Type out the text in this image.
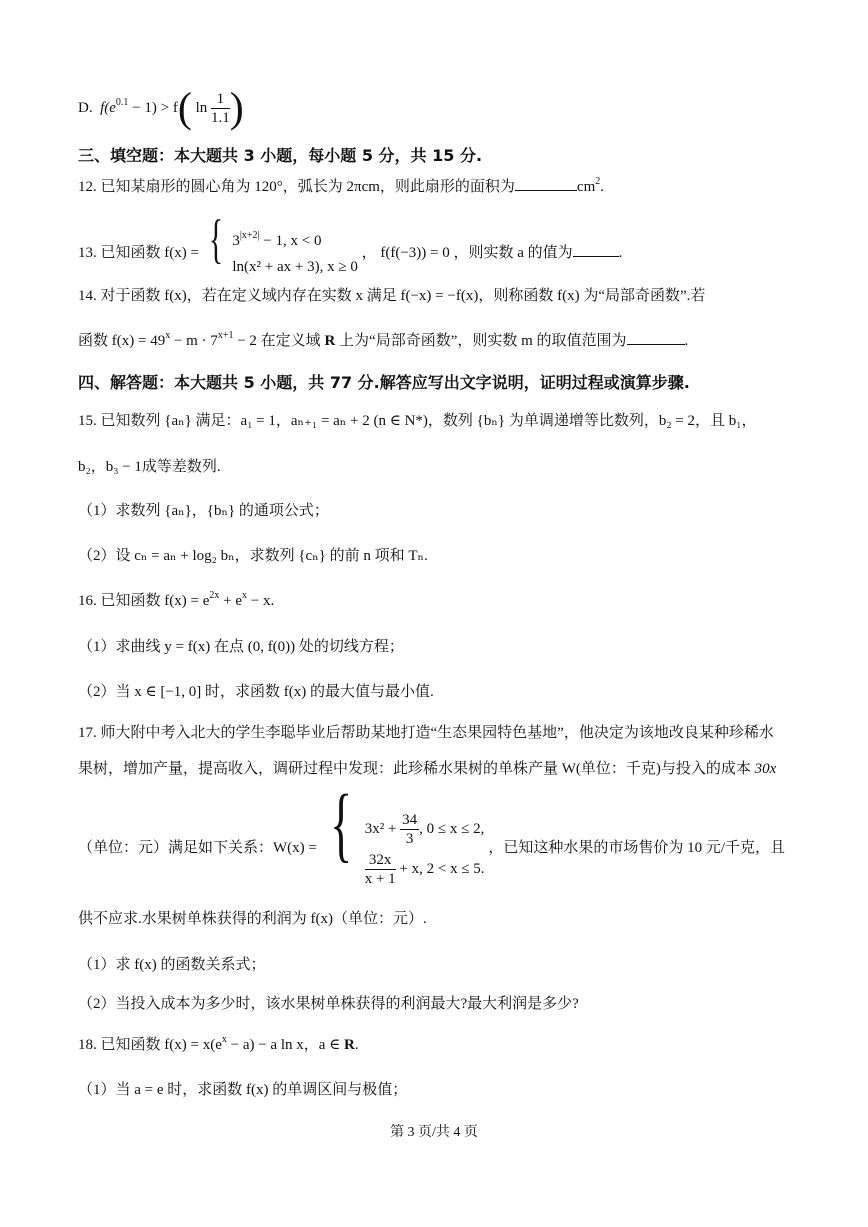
D. $f(e^{0.1} - 1) > f$( $\ln \frac{1}{1.1}$ )
三、填空题：本大题共 3 小题，每小题 5 分，共 15 分.
12. 已知某扇形的圆心角为 120°，弧长为 2πcm，则此扇形的面积为	$cm^2$.
13. 已知函数 f(x) = { $3^{|x+2|} - 1$, x < 0
ln(x² + ax + 3), x ≥ 0
， f(f(−3)) = 0 ，则实数 a 的值为	.
14. 对于函数 f(x)，若在定义域内存在实数 x 满足 f(−x) = −f(x)，则称函数 f(x) 为“局部奇函数”.若
函数 $f(x) = 49^x - m \cdot 7^{x+1} - 2$ 在定义域 R 上为“局部奇函数”，则实数 m 的取值范围为	.
四、解答题：本大题共 5 小题，共 77 分.解答应写出文字说明，证明过程或演算步骤.
15. 已知数列 {aₙ} 满足：a₁ = 1，aₙ₊₁ = aₙ + 2 (n ∈ N*)，数列 {bₙ} 为单调递增等比数列，b₂ = 2，且 b₁，
b₂，b₃ − 1成等差数列.
（1）求数列 {aₙ}，{bₙ} 的通项公式；
（2）设 cₙ = aₙ + log₂ bₙ，求数列 {cₙ} 的前 n 项和 Tₙ.
16. 已知函数 $f(x) = e^{2x} + e^x - x$.
（1）求曲线 y = f(x) 在点 (0, f(0)) 处的切线方程；
（2）当 x ∈ [−1, 0] 时，求函数 f(x) 的最大值与最小值.
17. 师大附中考入北大的学生李聪毕业后帮助某地打造“生态果园特色基地”，他决定为该地改良某种珍稀水
果树，增加产量，提高收入，调研过程中发现：此珍稀水果树的单株产量 W(单位：千克)与投入的成本 30x
（单位：元）满足如下关系：W(x) = { $3x^2 + \frac{34}{3}$ , 0 ≤ x ≤ 2,
$\frac{32x}{x + 1} + x$, 2 < x ≤ 5.
，已知这种水果的市场售价为 10 元/千克，且
供不应求.水果树单株获得的利润为 f(x)（单位：元）.
（1）求 f(x) 的函数关系式；
（2）当投入成本为多少时，该水果树单株获得的利润最大?最大利润是多少?
18. 已知函数 $f(x) = x(e^x - a) - a$ ln x，a ∈ R.
（1）当 a = e 时，求函数 f(x) 的单调区间与极值；
第 3 页/共 4 页
